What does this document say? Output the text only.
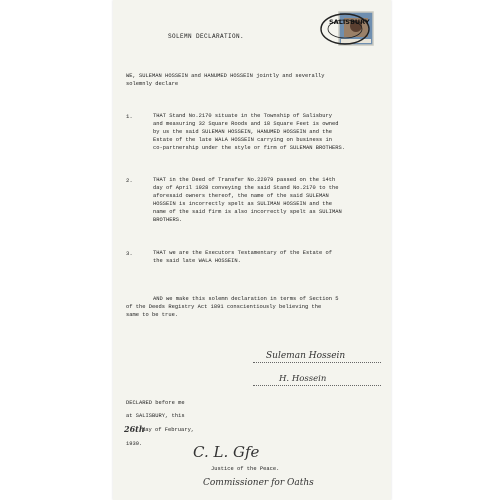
SALISBURY
SOLEMN DECLARATION.
WE, SULEMAN HOSSEIN and HANUMED HOSSEIN jointly and severally
solemnly declare
1.	THAT Stand No.2170 situate in the Township of Salisbury
and measuring 32 Square Roods and 18 Square Feet is owned
by us the said SULEMAN HOSSEIN, HANUMED HOSSEIN and the
Estate of the late WALA HOSSEIN carrying on business in
co-partnership under the style or firm of SULEMAN BROTHERS.
2.	THAT in the Deed of Transfer No.22079 passed on the 14th
day of April 1928 conveying the said Stand No.2170 to the
aforesaid owners thereof, the name of the said SULEMAN
HOSSEIN is incorrectly spelt as SULIMAN HOSSEIN and the
name of the said firm is also incorrectly spelt as SULIMAN
BROTHERS.
3.	THAT we are the Executors Testamentary of the Estate of
the said late WALA HOSSEIN.
AND we make this solemn declaration in terms of Section 5
of the Deeds Registry Act 1891 conscientiously believing the
same to be true.
Suleman Hossein
H. Hossein
DECLARED before me
at SALISBURY, this
26th
day of February,
1930.	C. L. Gfe
Justice of the Peace.
Commissioner for Oaths
